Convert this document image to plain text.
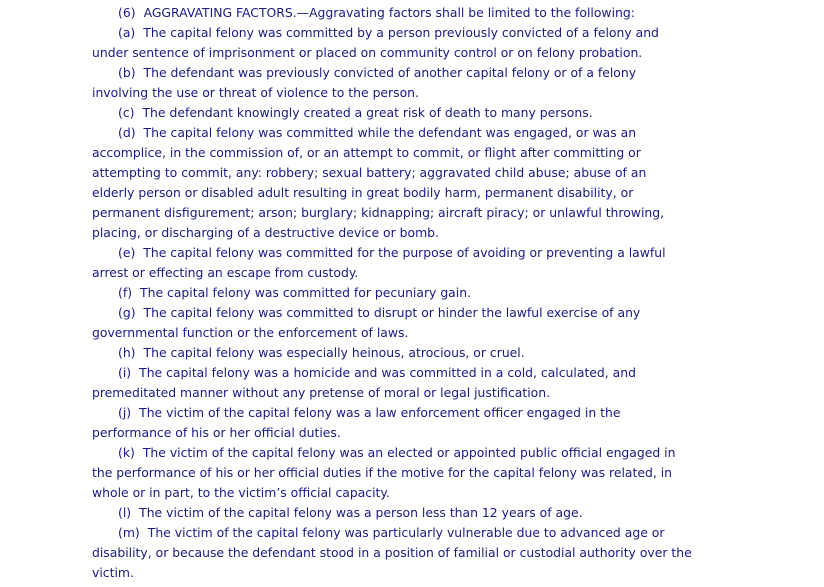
(6) AGGRAVATING FACTORS.—Aggravating factors shall be limited to the following:

(a) The capital felony was committed by a person previously convicted of a felony and under sentence of imprisonment or placed on community control or on felony probation.

(b) The defendant was previously convicted of another capital felony or of a felony involving the use or threat of violence to the person.

(c) The defendant knowingly created a great risk of death to many persons.

(d) The capital felony was committed while the defendant was engaged, or was an accomplice, in the commission of, or an attempt to commit, or flight after committing or attempting to commit, any: robbery; sexual battery; aggravated child abuse; abuse of an elderly person or disabled adult resulting in great bodily harm, permanent disability, or permanent disfigurement; arson; burglary; kidnapping; aircraft piracy; or unlawful throwing, placing, or discharging of a destructive device or bomb.

(e) The capital felony was committed for the purpose of avoiding or preventing a lawful arrest or effecting an escape from custody.

(f) The capital felony was committed for pecuniary gain.

(g) The capital felony was committed to disrupt or hinder the lawful exercise of any governmental function or the enforcement of laws.

(h) The capital felony was especially heinous, atrocious, or cruel.

(i) The capital felony was a homicide and was committed in a cold, calculated, and premeditated manner without any pretense of moral or legal justification.

(j) The victim of the capital felony was a law enforcement officer engaged in the performance of his or her official duties.

(k) The victim of the capital felony was an elected or appointed public official engaged in the performance of his or her official duties if the motive for the capital felony was related, in whole or in part, to the victim’s official capacity.

(l) The victim of the capital felony was a person less than 12 years of age.

(m) The victim of the capital felony was particularly vulnerable due to advanced age or disability, or because the defendant stood in a position of familial or custodial authority over the victim.
